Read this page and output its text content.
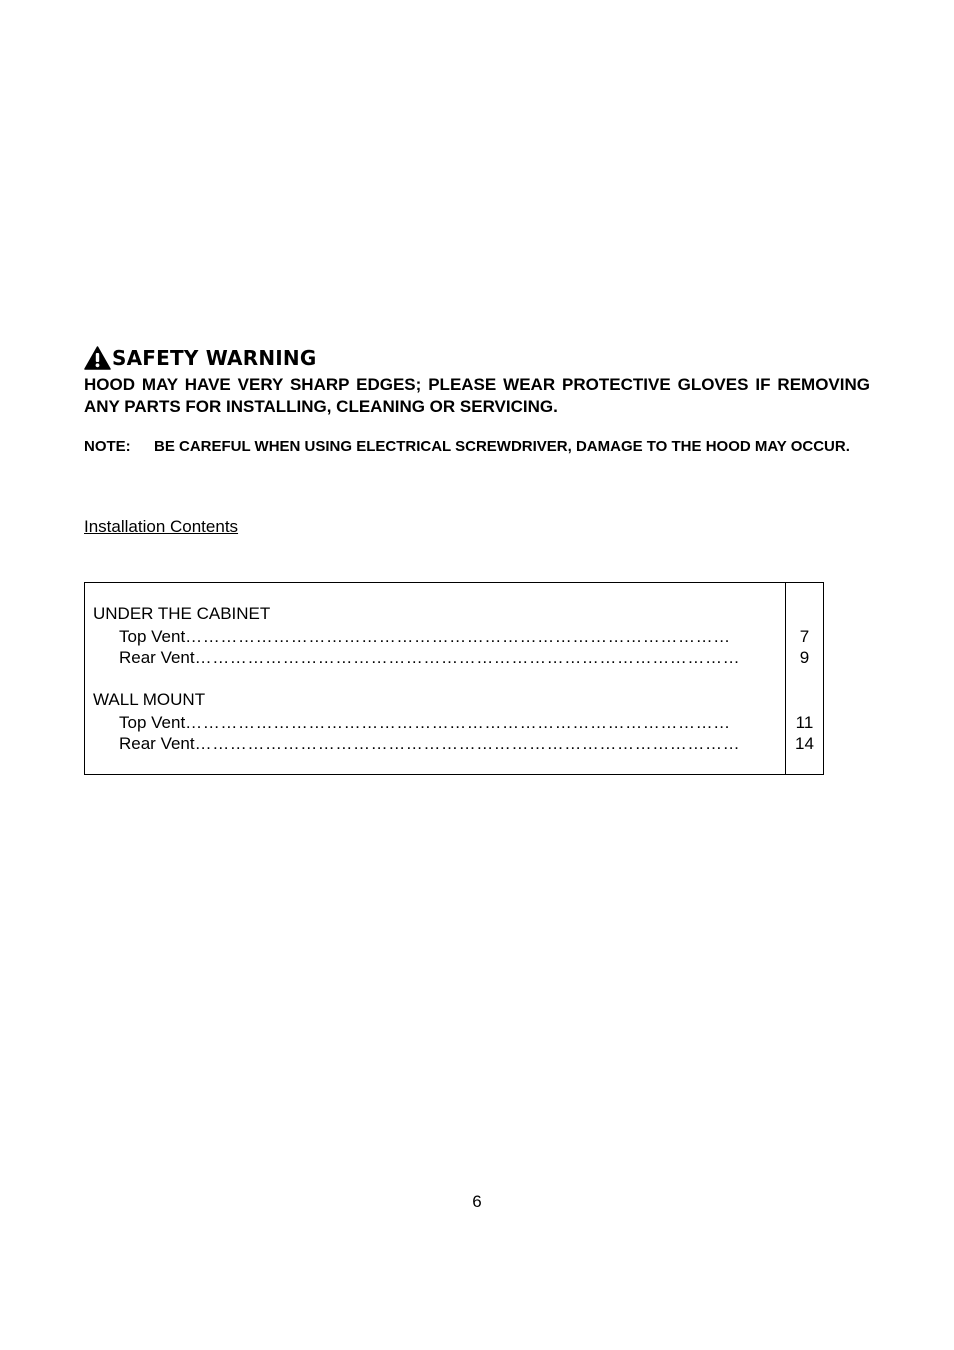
SAFETY WARNING
HOOD MAY HAVE VERY SHARP EDGES; PLEASE WEAR PROTECTIVE GLOVES IF REMOVING ANY PARTS FOR INSTALLING, CLEANING OR SERVICING.
NOTE:	BE CAREFUL WHEN USING ELECTRICAL SCREWDRIVER, DAMAGE TO THE HOOD MAY OCCUR.
Installation Contents
UNDER THE CABINET
Top Vent…………………………………………………………………………………	7
Rear Vent…………………………………………………………………………………	9
WALL MOUNT
Top Vent…………………………………………………………………………………	11
Rear Vent…………………………………………………………………………………	14
6
